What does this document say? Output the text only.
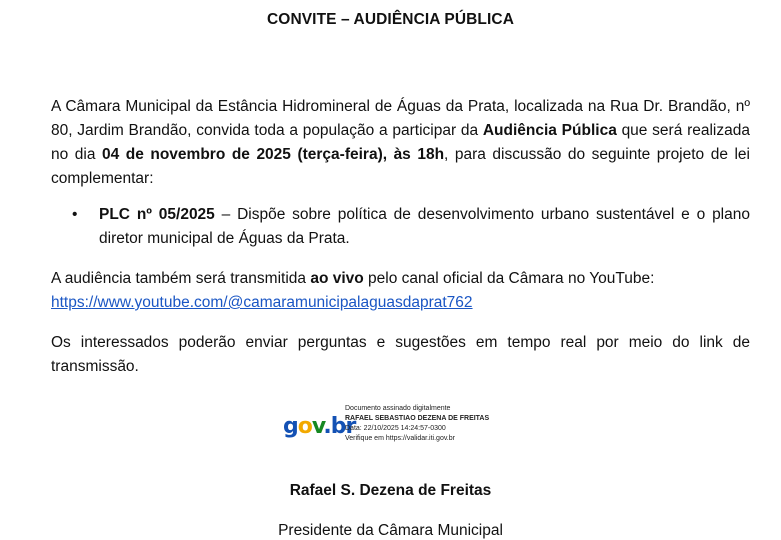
CONVITE – AUDIÊNCIA PÚBLICA
A Câmara Municipal da Estância Hidromineral de Águas da Prata, localizada na Rua Dr. Brandão, nº 80, Jardim Brandão, convida toda a população a participar da Audiência Pública que será realizada no dia 04 de novembro de 2025 (terça-feira), às 18h, para discussão do seguinte projeto de lei complementar:
• PLC nº 05/2025 – Dispõe sobre política de desenvolvimento urbano sustentável e o plano diretor municipal de Águas da Prata.
A audiência também será transmitida ao vivo pelo canal oficial da Câmara no YouTube:
https://www.youtube.com/@camaramunicipalaguasdaprat762
Os interessados poderão enviar perguntas e sugestões em tempo real por meio do link de transmissão.
gov.br
Documento assinado digitalmente
RAFAEL SEBASTIAO DEZENA DE FREITAS
Data: 22/10/2025 14:24:57-0300
Verifique em https://validar.iti.gov.br
Rafael S. Dezena de Freitas
Presidente da Câmara Municipal
